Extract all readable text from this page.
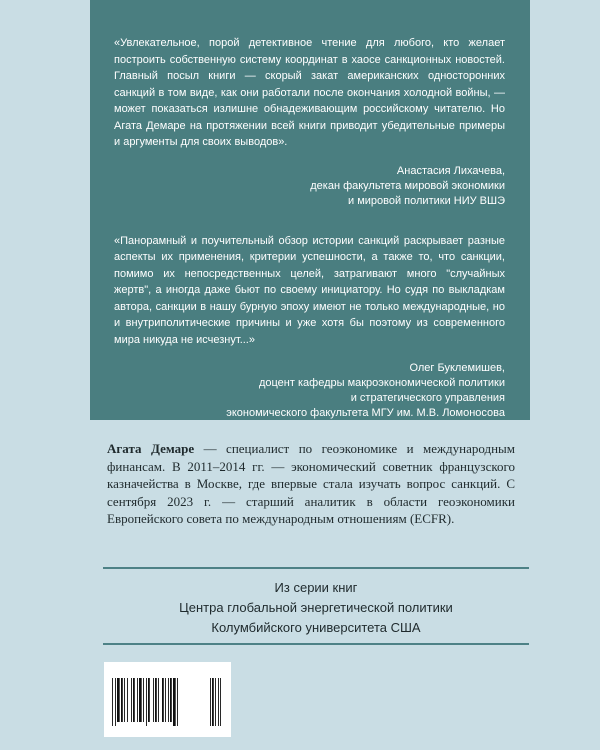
«Увлекательное, порой детективное чтение для любого, кто желает построить собственную систему координат в хаосе санкционных новостей. Главный посыл книги — скорый закат американских односторонних санкций в том виде, как они работали после окончания холодной войны, — может показаться излишне обнадеживающим российскому читателю. Но Агата Демаре на протяжении всей книги приводит убедительные примеры и аргументы для своих выводов».
Анастасия Лихачева,
декан факультета мировой экономики
и мировой политики НИУ ВШЭ
«Панорамный и поучительный обзор истории санкций раскрывает разные аспекты их применения, критерии успешности, а также то, что санкции, помимо их непосредственных целей, затрагивают много "случайных жертв", а иногда даже бьют по своему инициатору. Но судя по выкладкам автора, санкции в нашу бурную эпоху имеют не только международные, но и внутриполитические причины и уже хотя бы поэтому из современного мира никуда не исчезнут...»
Олег Буклемишев,
доцент кафедры макроэкономической политики
и стратегического управления
экономического факультета МГУ им. М.В. Ломоносова
Агата Демаре — специалист по геоэкономике и международным финансам. В 2011–2014 гг. — экономический советник французского казначейства в Москве, где впервые стала изучать вопрос санкций. С сентября 2023 г. — старший аналитик в области геоэкономики Европейского совета по международным отношениям (ECFR).
Из серии книг
Центра глобальной энергетической политики
Колумбийского университета США
